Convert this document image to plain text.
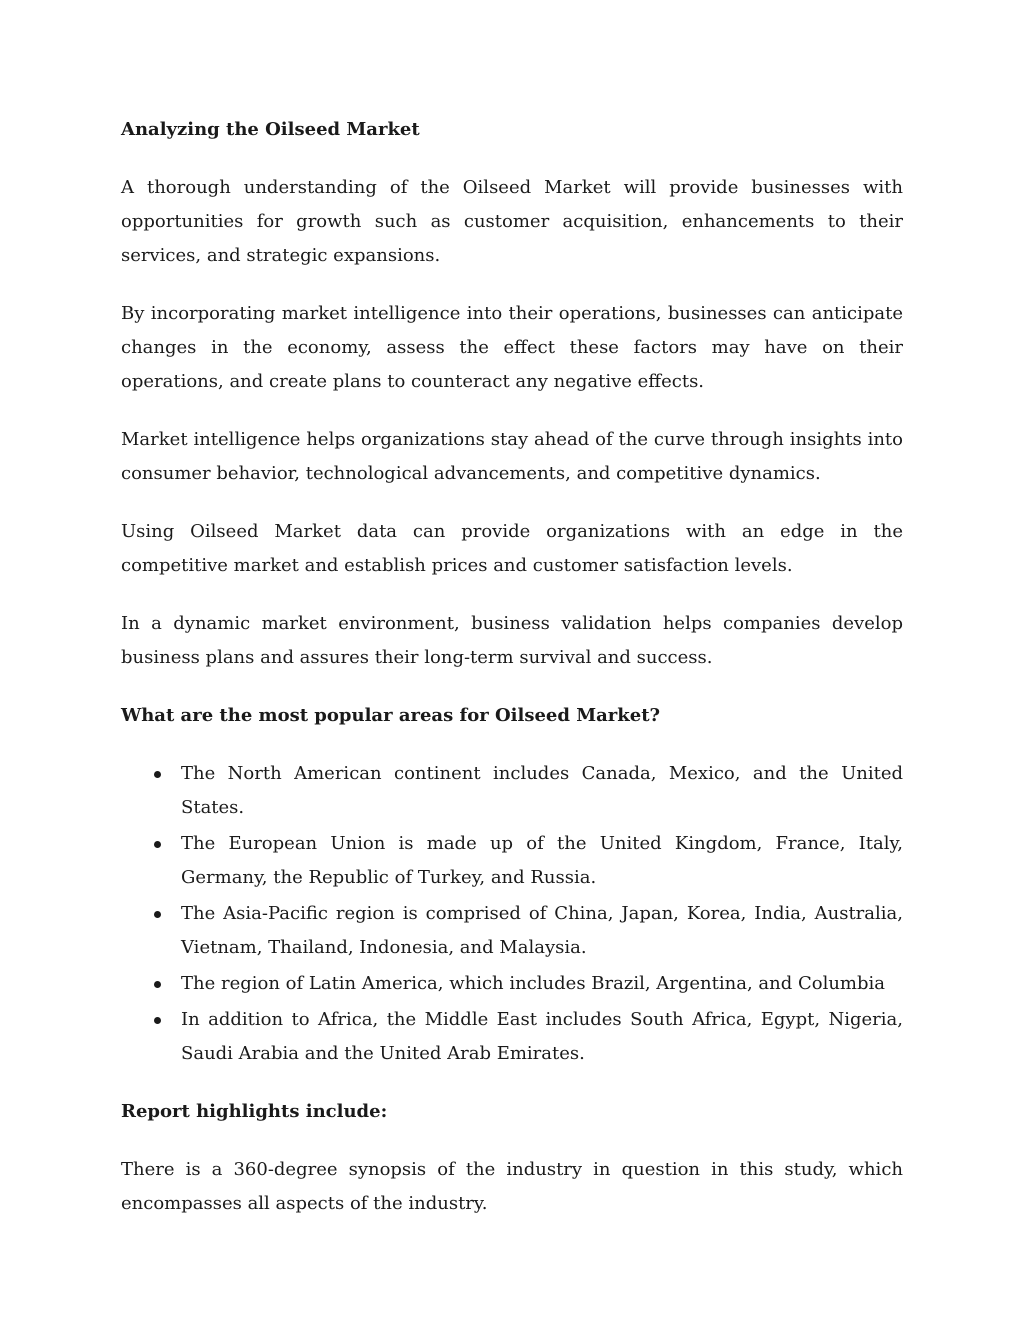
Analyzing the Oilseed Market

A thorough understanding of the Oilseed Market will provide businesses with opportunities for growth such as customer acquisition, enhancements to their services, and strategic expansions.

By incorporating market intelligence into their operations, businesses can anticipate changes in the economy, assess the effect these factors may have on their operations, and create plans to counteract any negative effects.

Market intelligence helps organizations stay ahead of the curve through insights into consumer behavior, technological advancements, and competitive dynamics.

Using Oilseed Market data can provide organizations with an edge in the competitive market and establish prices and customer satisfaction levels.

In a dynamic market environment, business validation helps companies develop business plans and assures their long-term survival and success.

What are the most popular areas for Oilseed Market?

The North American continent includes Canada, Mexico, and the United States.
The European Union is made up of the United Kingdom, France, Italy, Germany, the Republic of Turkey, and Russia.
The Asia-Pacific region is comprised of China, Japan, Korea, India, Australia, Vietnam, Thailand, Indonesia, and Malaysia.
The region of Latin America, which includes Brazil, Argentina, and Columbia
In addition to Africa, the Middle East includes South Africa, Egypt, Nigeria, Saudi Arabia and the United Arab Emirates.

Report highlights include:

There is a 360-degree synopsis of the industry in question in this study, which encompasses all aspects of the industry.
